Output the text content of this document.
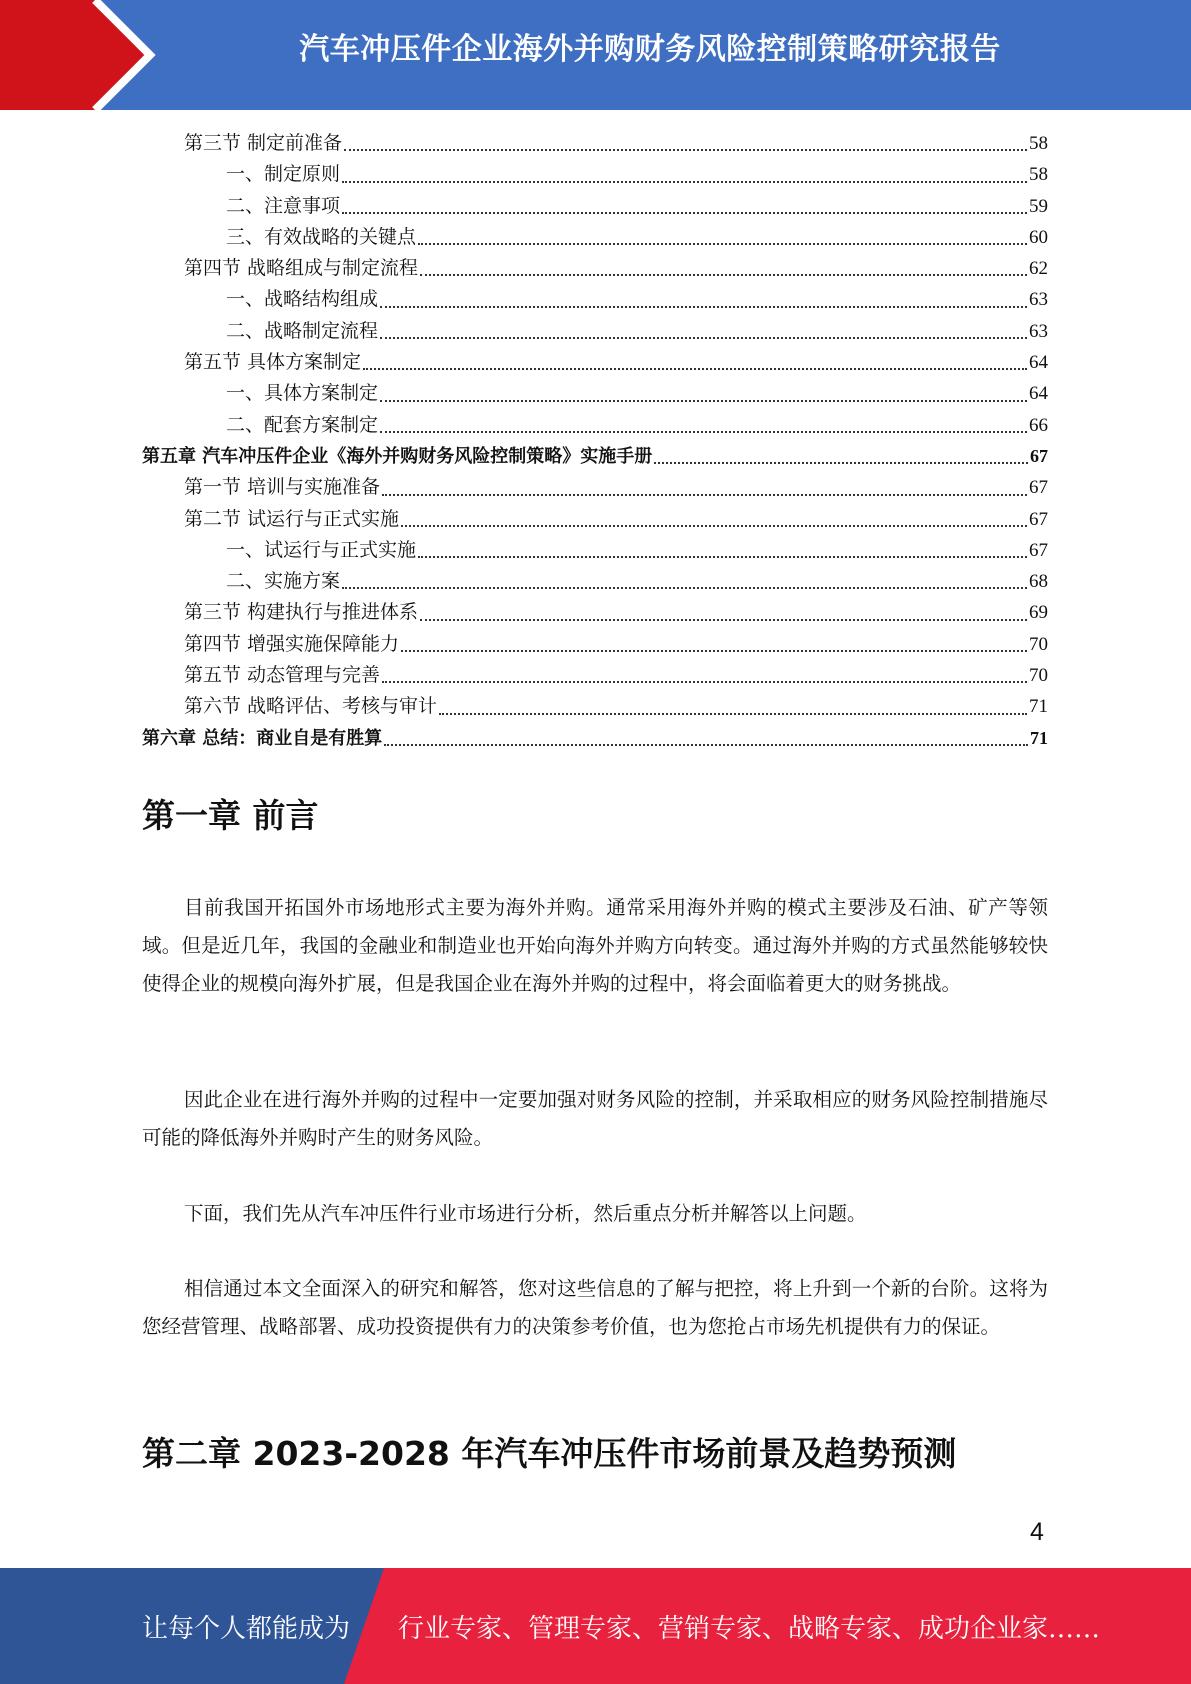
汽车冲压件企业海外并购财务风险控制策略研究报告
第三节 制定前准备	58
一、制定原则	58
二、注意事项	59
三、有效战略的关键点	60
第四节 战略组成与制定流程	62
一、战略结构组成	63
二、战略制定流程	63
第五节 具体方案制定	64
一、具体方案制定	64
二、配套方案制定	66
第五章 汽车冲压件企业《海外并购财务风险控制策略》实施手册	67
第一节 培训与实施准备	67
第二节 试运行与正式实施	67
一、试运行与正式实施	67
二、实施方案	68
第三节 构建执行与推进体系	69
第四节 增强实施保障能力	70
第五节 动态管理与完善	70
第六节 战略评估、考核与审计	71
第六章 总结：商业自是有胜算	71
第一章 前言

目前我国开拓国外市场地形式主要为海外并购。通常采用海外并购的模式主要涉及石油、矿产等领域。但是近几年，我国的金融业和制造业也开始向海外并购方向转变。通过海外并购的方式虽然能够较快使得企业的规模向海外扩展，但是我国企业在海外并购的过程中，将会面临着更大的财务挑战。

因此企业在进行海外并购的过程中一定要加强对财务风险的控制，并采取相应的财务风险控制措施尽可能的降低海外并购时产生的财务风险。

下面，我们先从汽车冲压件行业市场进行分析，然后重点分析并解答以上问题。

相信通过本文全面深入的研究和解答，您对这些信息的了解与把控，将上升到一个新的台阶。这将为您经营管理、战略部署、成功投资提供有力的决策参考价值，也为您抢占市场先机提供有力的保证。

第二章 2023-2028 年汽车冲压件市场前景及趋势预测
4
让每个人都能成为 行业专家、管理专家、营销专家、战略专家、成功企业家……
